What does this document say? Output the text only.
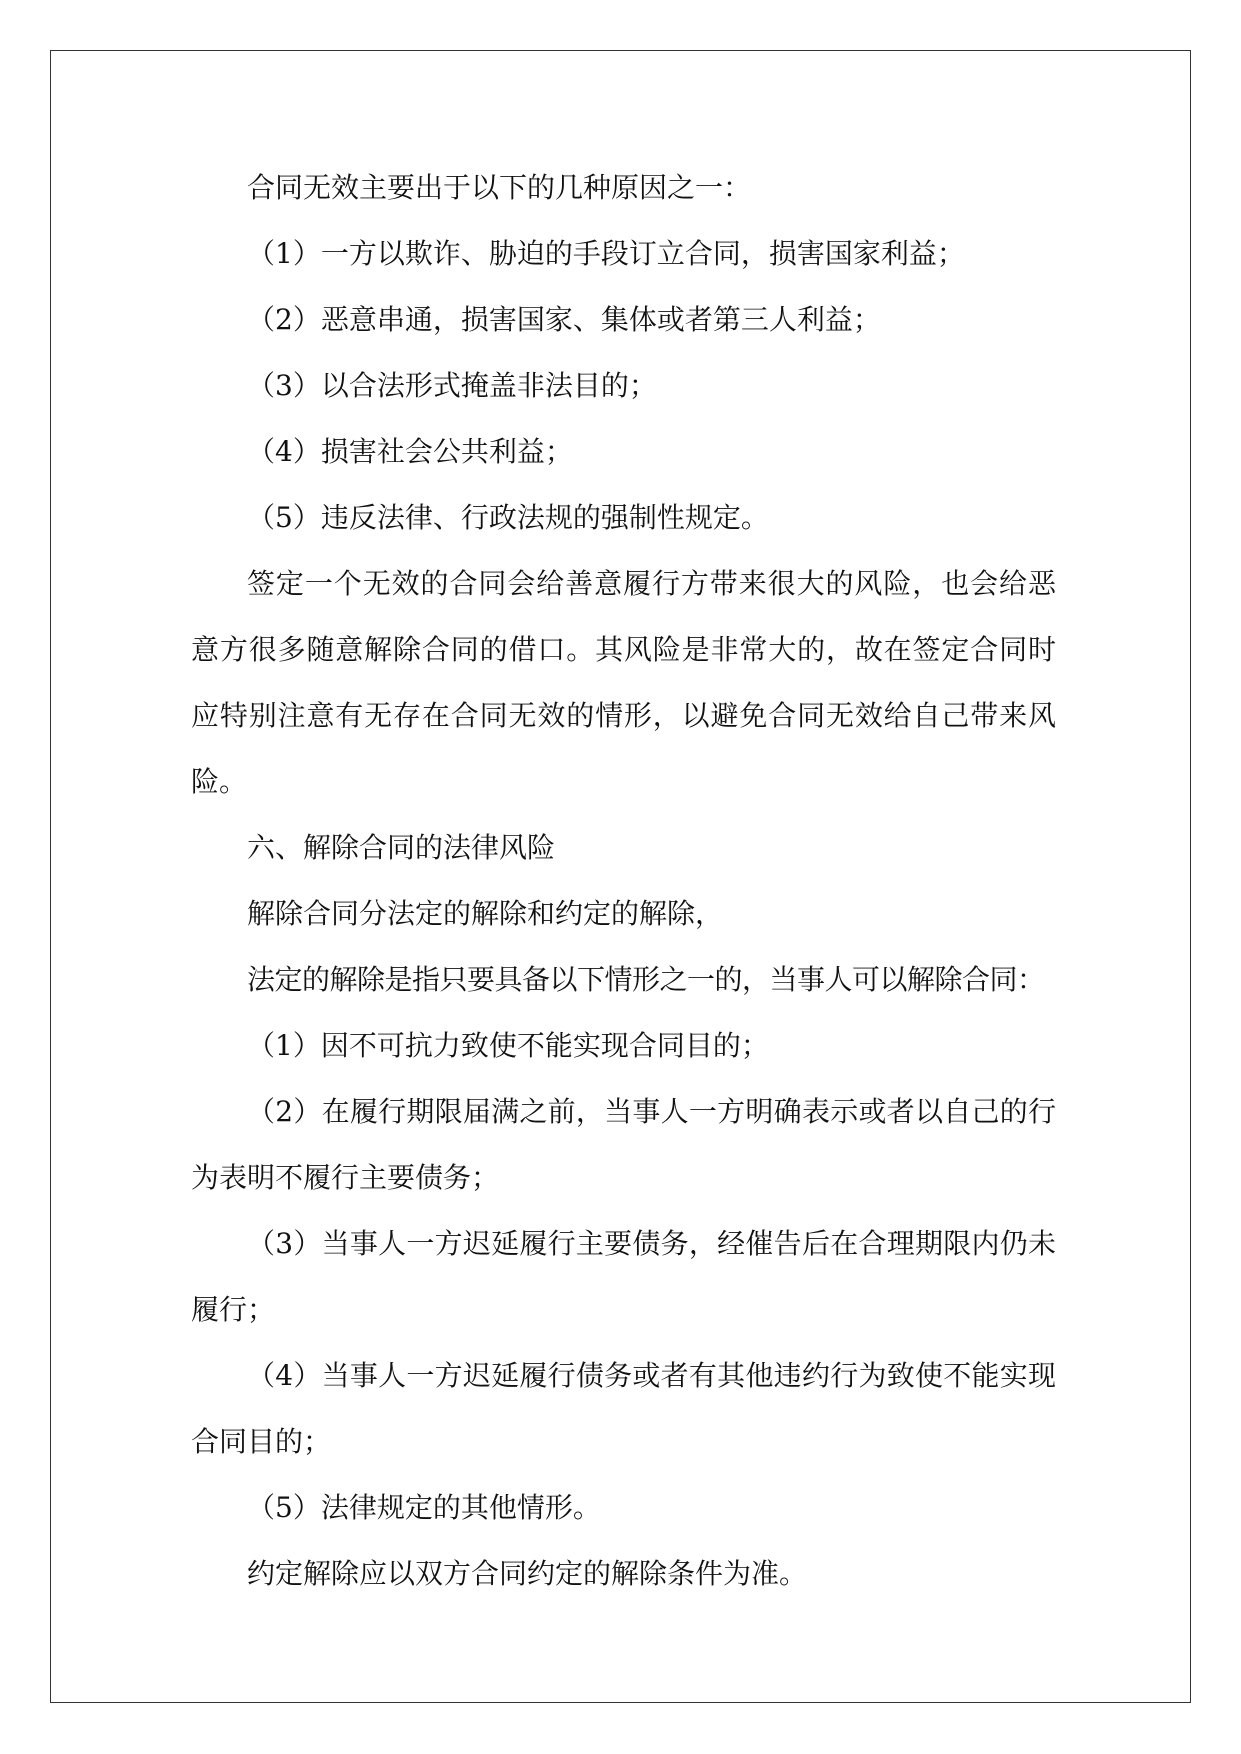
合同无效主要出于以下的几种原因之一：

（1）一方以欺诈、胁迫的手段订立合同，损害国家利益；

（2）恶意串通，损害国家、集体或者第三人利益；

（3）以合法形式掩盖非法目的；

（4）损害社会公共利益；

（5）违反法律、行政法规的强制性规定。

签定一个无效的合同会给善意履行方带来很大的风险，也会给恶意方很多随意解除合同的借口。其风险是非常大的，故在签定合同时应特别注意有无存在合同无效的情形，以避免合同无效给自己带来风险。

六、解除合同的法律风险

解除合同分法定的解除和约定的解除，

法定的解除是指只要具备以下情形之一的，当事人可以解除合同：

（1）因不可抗力致使不能实现合同目的；

（2）在履行期限届满之前，当事人一方明确表示或者以自己的行为表明不履行主要债务；

（3）当事人一方迟延履行主要债务，经催告后在合理期限内仍未履行；

（4）当事人一方迟延履行债务或者有其他违约行为致使不能实现合同目的；

（5）法律规定的其他情形。

约定解除应以双方合同约定的解除条件为准。
